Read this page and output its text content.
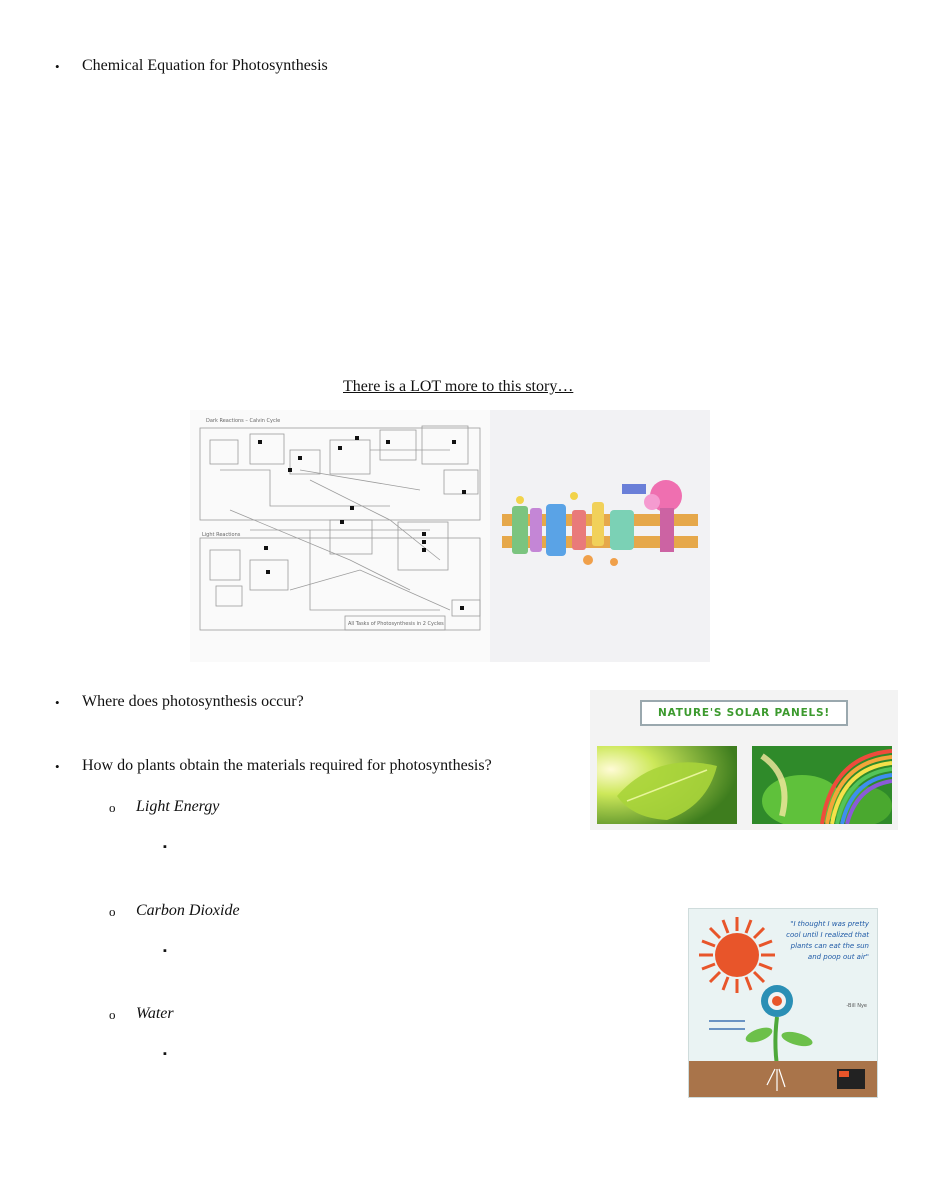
• Chemical Equation for Photosynthesis
There is a LOT more to this story…
Dark Reactions – Calvin Cycle
Light Reactions
All Tasks of Photosynthesis in 2 Cycles
• Where does photosynthesis occur?
• How do plants obtain the materials required for photosynthesis?
o Light Energy
▪
o Carbon Dioxide
▪
o Water
▪
NATURE'S SOLAR PANELS!
"I thought I was pretty cool until I realized that plants can eat the sun and poop out air"
-Bill Nye
